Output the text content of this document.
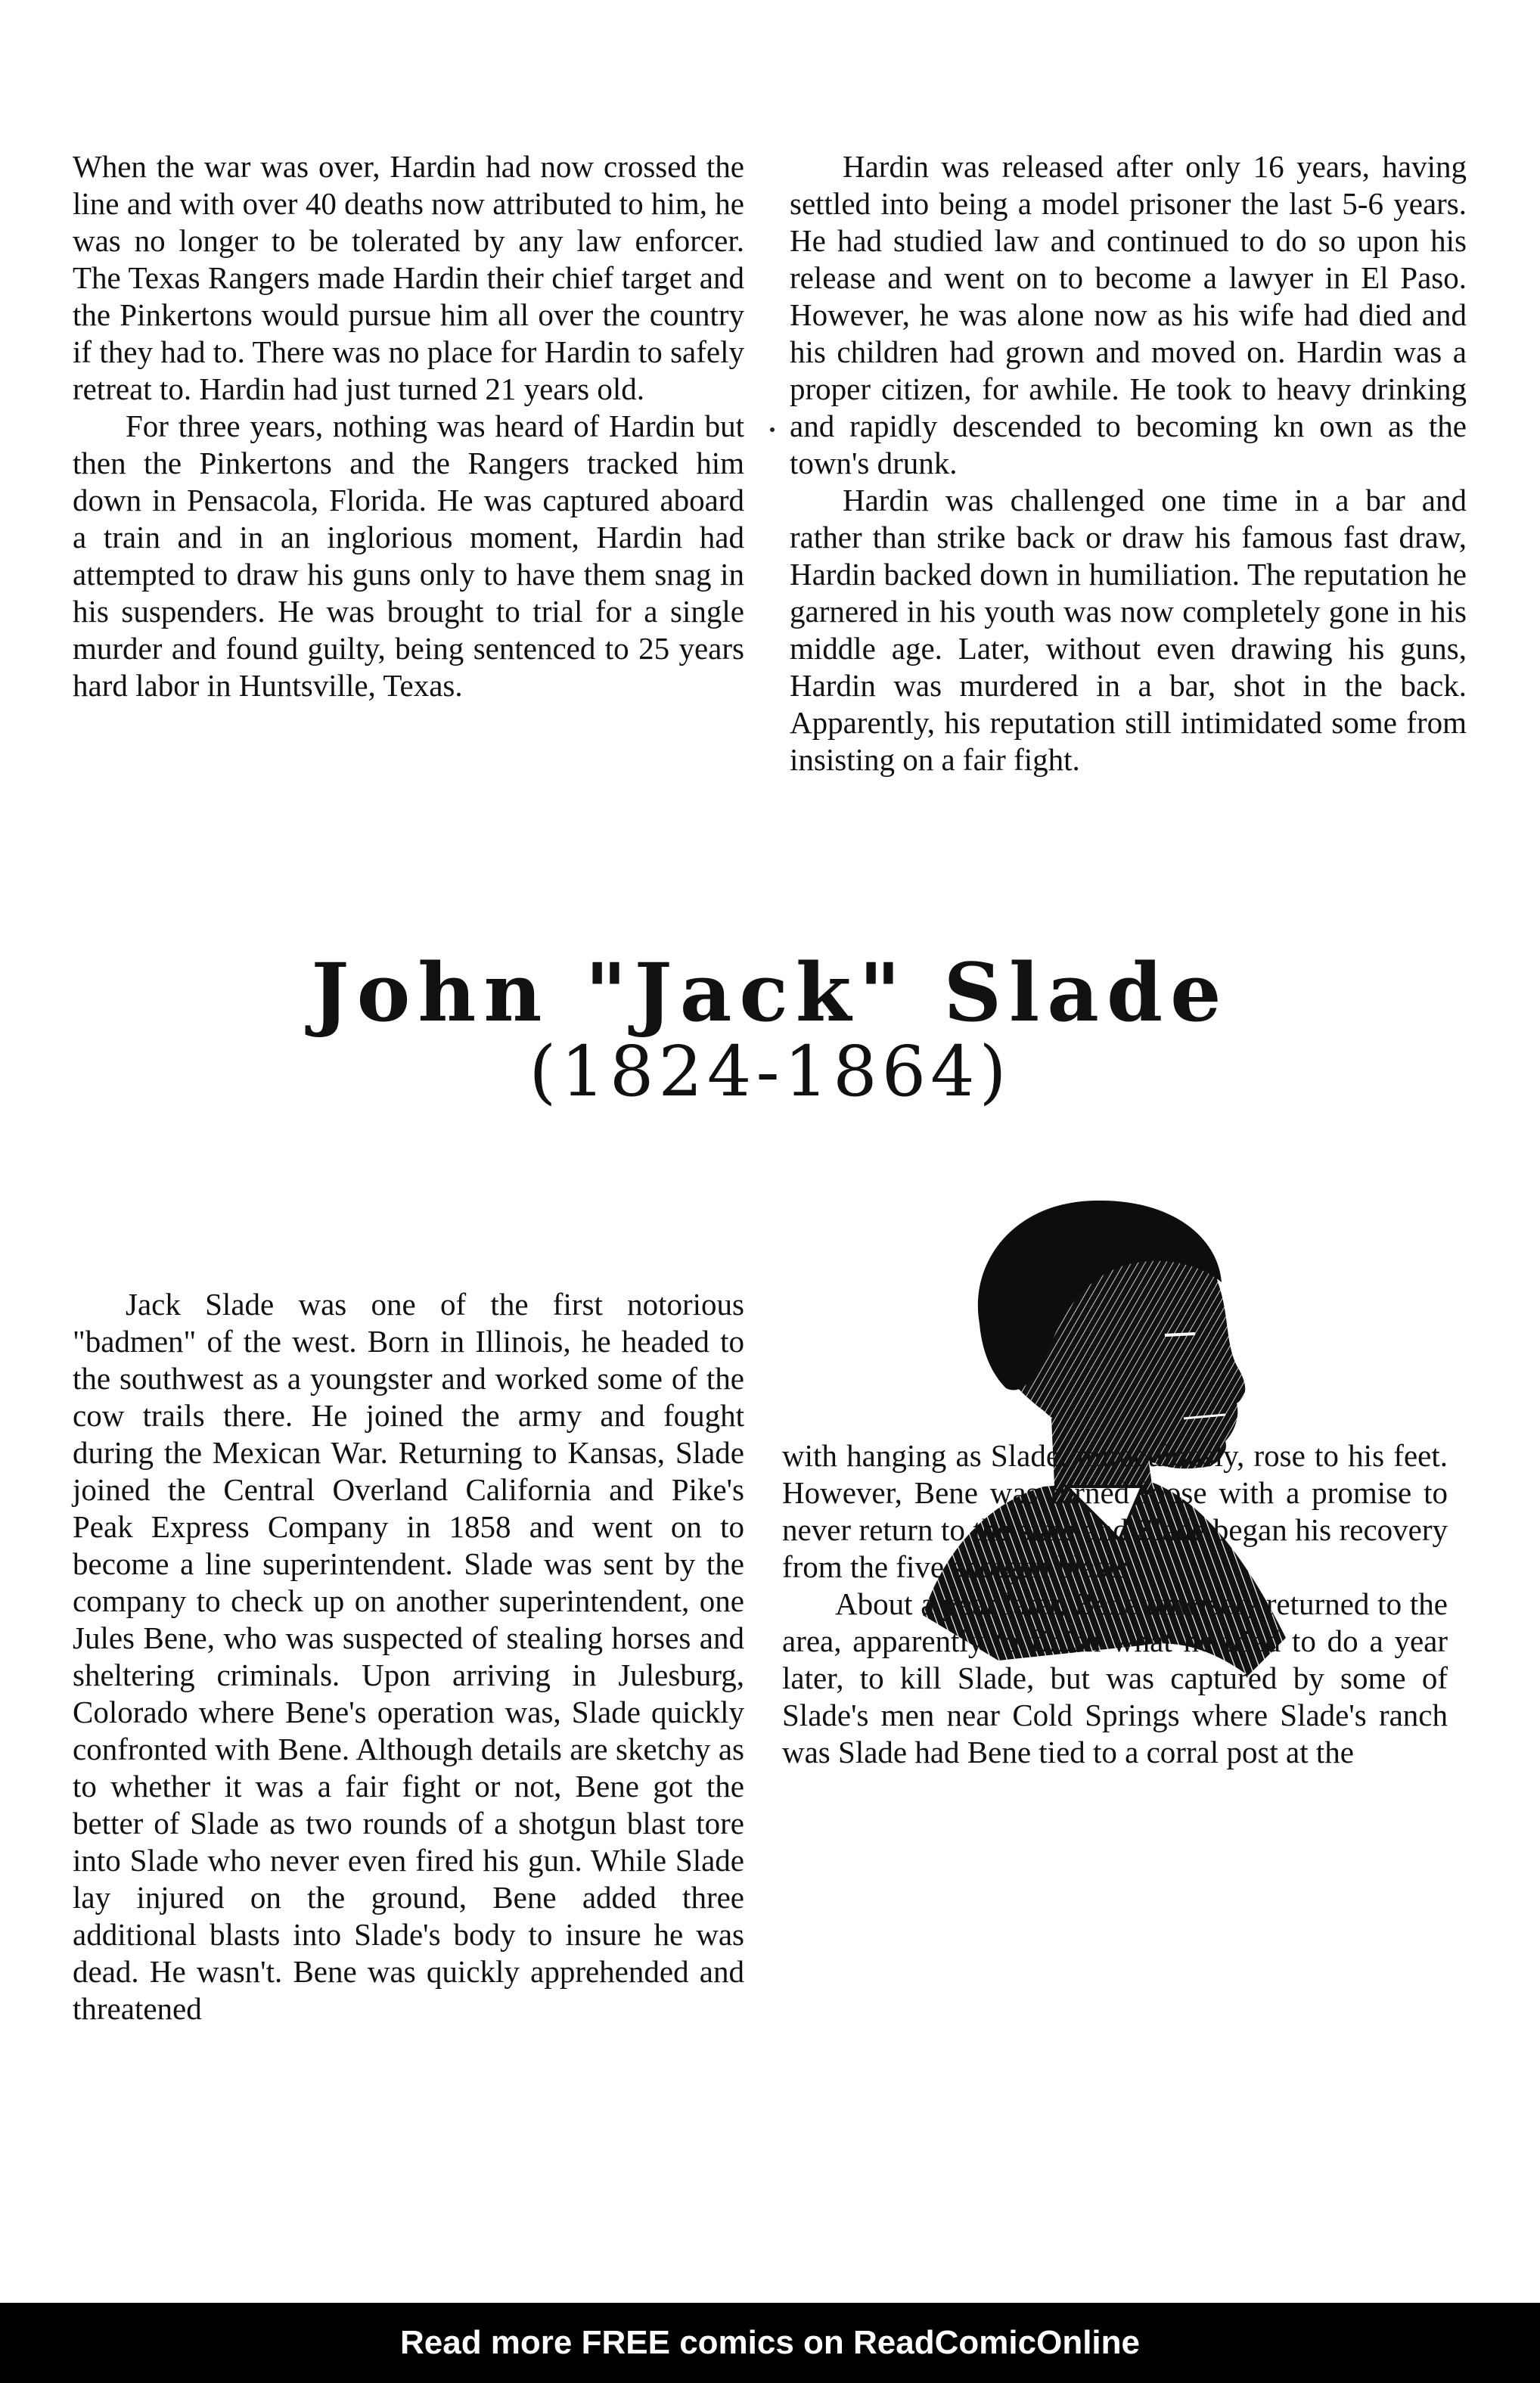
When the war was over, Hardin had now crossed the line and with over 40 deaths now attributed to him, he was no longer to be tolerated by any law enforcer. The Texas Rangers made Hardin their chief target and the Pinkertons would pursue him all over the country if they had to. There was no place for Hardin to safely retreat to. Hardin had just turned 21 years old.

For three years, nothing was heard of Hardin but then the Pinkertons and the Rangers tracked him down in Pensacola, Florida. He was captured aboard a train and in an inglorious moment, Hardin had attempted to draw his guns only to have them snag in his suspenders. He was brought to trial for a single murder and found guilty, being sentenced to 25 years hard labor in Huntsville, Texas.

Hardin was released after only 16 years, having settled into being a model prisoner the last 5-6 years. He had studied law and continued to do so upon his release and went on to become a lawyer in El Paso. However, he was alone now as his wife had died and his children had grown and moved on. Hardin was a proper citizen, for awhile. He took to heavy drinking and rapidly descended to becoming kn own as the town's drunk.

Hardin was challenged one time in a bar and rather than strike back or draw his famous fast draw, Hardin backed down in humiliation. The reputation he garnered in his youth was now completely gone in his middle age. Later, without even drawing his guns, Hardin was murdered in a bar, shot in the back. Apparently, his reputation still intimidated some from insisting on a fair fight.

John "Jack" Slade
(1824-1864)

Jack Slade was one of the first notorious "badmen" of the west. Born in Illinois, he headed to the southwest as a youngster and worked some of the cow trails there. He joined the army and fought during the Mexican War. Returning to Kansas, Slade joined the Central Overland California and Pike's Peak Express Company in 1858 and went on to become a line superintendent. Slade was sent by the company to check up on another superintendent, one Jules Bene, who was suspected of stealing horses and sheltering criminals. Upon arriving in Julesburg, Colorado where Bene's operation was, Slade quickly confronted with Bene. Although details are sketchy as to whether it was a fair fight or not, Bene got the better of Slade as two rounds of a shotgun blast tore into Slade who never even fired his gun. While Slade lay injured on the ground, Bene added three additional blasts into Slade's body to insure he was dead. He wasn't. Bene was quickly apprehended and threatened

with hanging as Slade, miraculously, rose to his feet. However, Bene was turned loose with a promise to never return to the state and Slade began his recovery from the five shotgun blasts.

About a year later, Bene unwisely returned to the area, apparently to finish what he tried to do a year later, to kill Slade, but was captured by some of Slade's men near Cold Springs where Slade's ranch was Slade had Bene tied to a corral post at the

Read more FREE comics on ReadComicOnline
